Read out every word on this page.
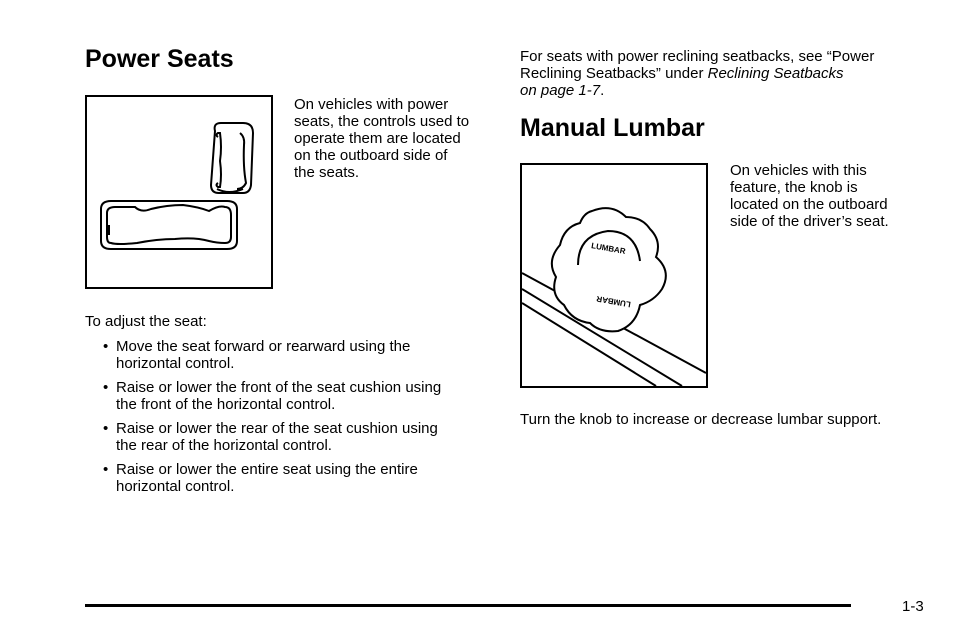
Power Seats
On vehicles with power
seats, the controls used to
operate them are located
on the outboard side of
the seats.
To adjust the seat:
• Move the seat forward or rearward using the
horizontal control.
• Raise or lower the front of the seat cushion using
the front of the horizontal control.
• Raise or lower the rear of the seat cushion using
the rear of the horizontal control.
• Raise or lower the entire seat using the entire
horizontal control.
For seats with power reclining seatbacks, see “Power
Reclining Seatbacks” under Reclining Seatbacks
on page 1-7.
Manual Lumbar
LUMBAR
LUMBAR
On vehicles with this
feature, the knob is
located on the outboard
side of the driver’s seat.
Turn the knob to increase or decrease lumbar support.
1-3
